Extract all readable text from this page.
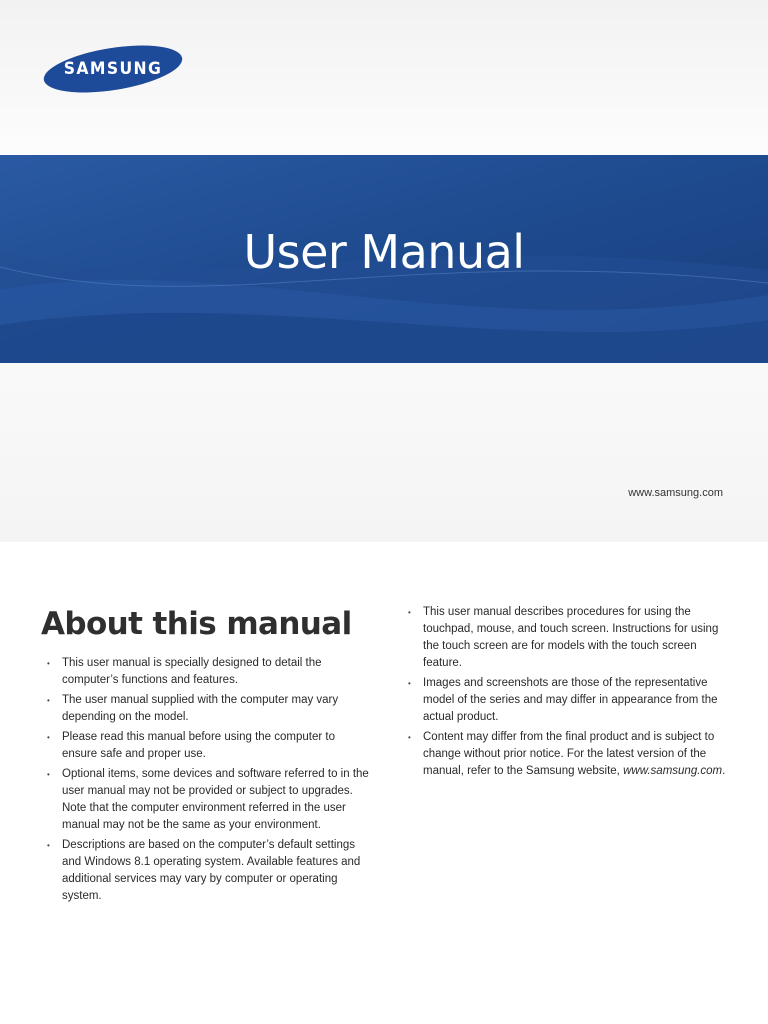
SAMSUNG
User Manual
www.samsung.com
About this manual
• This user manual is specially designed to detail the computer’s functions and features.
• The user manual supplied with the computer may vary depending on the model.
• Please read this manual before using the computer to ensure safe and proper use.
• Optional items, some devices and software referred to in the user manual may not be provided or subject to upgrades. Note that the computer environment referred in the user manual may not be the same as your environment.
• Descriptions are based on the computer’s default settings and Windows 8.1 operating system. Available features and additional services may vary by computer or operating system.
• This user manual describes procedures for using the touchpad, mouse, and touch screen. Instructions for using the touch screen are for models with the touch screen feature.
• Images and screenshots are those of the representative model of the series and may differ in appearance from the actual product.
• Content may differ from the final product and is subject to change without prior notice. For the latest version of the manual, refer to the Samsung website, www.samsung.com.
